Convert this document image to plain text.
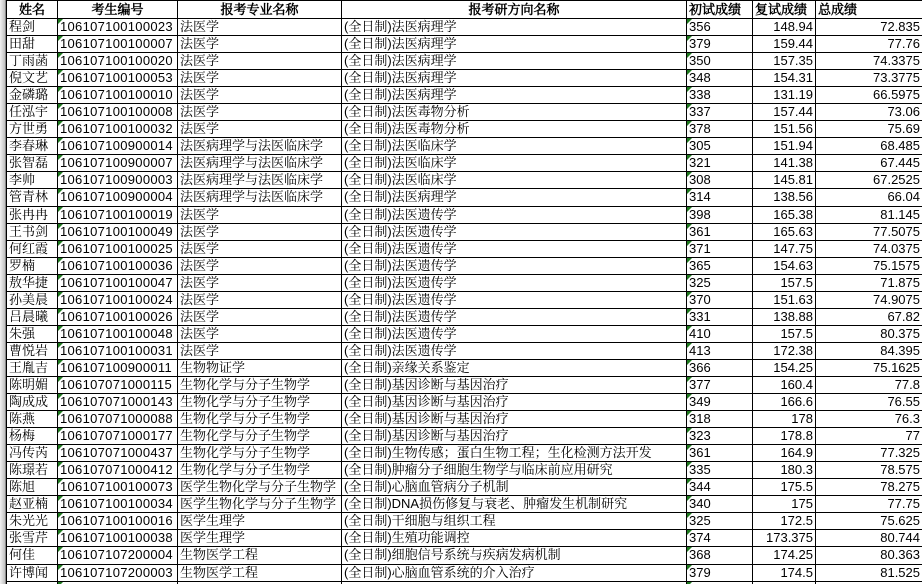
姓名	考生编号	报考专业名称	报考研方向名称	初试成绩	复试成绩	总成绩
程剑	106107100100023	法医学	(全日制)法医病理学	356	148.94	72.835
田甜	106107100100007	法医学	(全日制)法医病理学	379	159.44	77.76
丁雨菡	106107100100020	法医学	(全日制)法医病理学	350	157.35	74.3375
倪文艺	106107100100053	法医学	(全日制)法医病理学	348	154.31	73.3775
金磷璐	106107100100010	法医学	(全日制)法医病理学	338	131.19	66.5975
任泓宇	106107100100008	法医学	(全日制)法医毒物分析	337	157.44	73.06
方世勇	106107100100032	法医学	(全日制)法医毒物分析	378	151.56	75.69
李春琳	106107100900014	法医病理学与法医临床学	(全日制)法医临床学	305	151.94	68.485
张智磊	106107100900007	法医病理学与法医临床学	(全日制)法医临床学	321	141.38	67.445
李帅	106107100900003	法医病理学与法医临床学	(全日制)法医临床学	308	145.81	67.2525
管青林	106107100900004	法医病理学与法医临床学	(全日制)法医病理学	314	138.56	66.04
张冉冉	106107100100019	法医学	(全日制)法医遗传学	398	165.38	81.145
王书剑	106107100100049	法医学	(全日制)法医遗传学	361	165.63	77.5075
何红霞	106107100100025	法医学	(全日制)法医遗传学	371	147.75	74.0375
罗楠	106107100100036	法医学	(全日制)法医遗传学	365	154.63	75.1575
敖华捷	106107100100047	法医学	(全日制)法医遗传学	325	157.5	71.875
孙美晨	106107100100024	法医学	(全日制)法医遗传学	370	151.63	74.9075
吕晨曦	106107100100026	法医学	(全日制)法医遗传学	331	138.88	67.82
朱强	106107100100048	法医学	(全日制)法医遗传学	410	157.5	80.375
曹悦岩	106107100100031	法医学	(全日制)法医遗传学	413	172.38	84.395
王胤吉	106107100900011	生物物证学	(全日制)亲缘关系鉴定	366	154.25	75.1625
陈明媚	106107071000115	生物化学与分子生物学	(全日制)基因诊断与基因治疗	377	160.4	77.8
陶成成	106107071000143	生物化学与分子生物学	(全日制)基因诊断与基因治疗	349	166.6	76.55
陈燕	106107071000088	生物化学与分子生物学	(全日制)基因诊断与基因治疗	318	178	76.3
杨梅	106107071000177	生物化学与分子生物学	(全日制)基因诊断与基因治疗	323	178.8	77
冯传芮	106107071000437	生物化学与分子生物学	(全日制)生物传感；蛋白生物工程；生化检测方法开发	361	164.9	77.325
陈璟若	106107071000412	生物化学与分子生物学	(全日制)肿瘤分子细胞生物学与临床前应用研究	335	180.3	78.575
陈旭	106107100100073	医学生物化学与分子生物学	(全日制)心脑血管病分子机制	344	175.5	78.275
赵亚楠	106107100100034	医学生物化学与分子生物学	(全日制)DNA损伤修复与衰老、肿瘤发生机制研究	340	175	77.75
朱光光	106107100100016	医学生理学	(全日制)干细胞与组织工程	325	172.5	75.625
张雪芹	106107100100038	医学生理学	(全日制)生殖功能调控	374	173.375	80.744
何佳	106107107200004	生物医学工程	(全日制)细胞信号系统与疾病发病机制	368	174.25	80.363
许博闻	106107107200003	生物医学工程	(全日制)心脑血管系统的介入治疗	379	174.5	81.525
